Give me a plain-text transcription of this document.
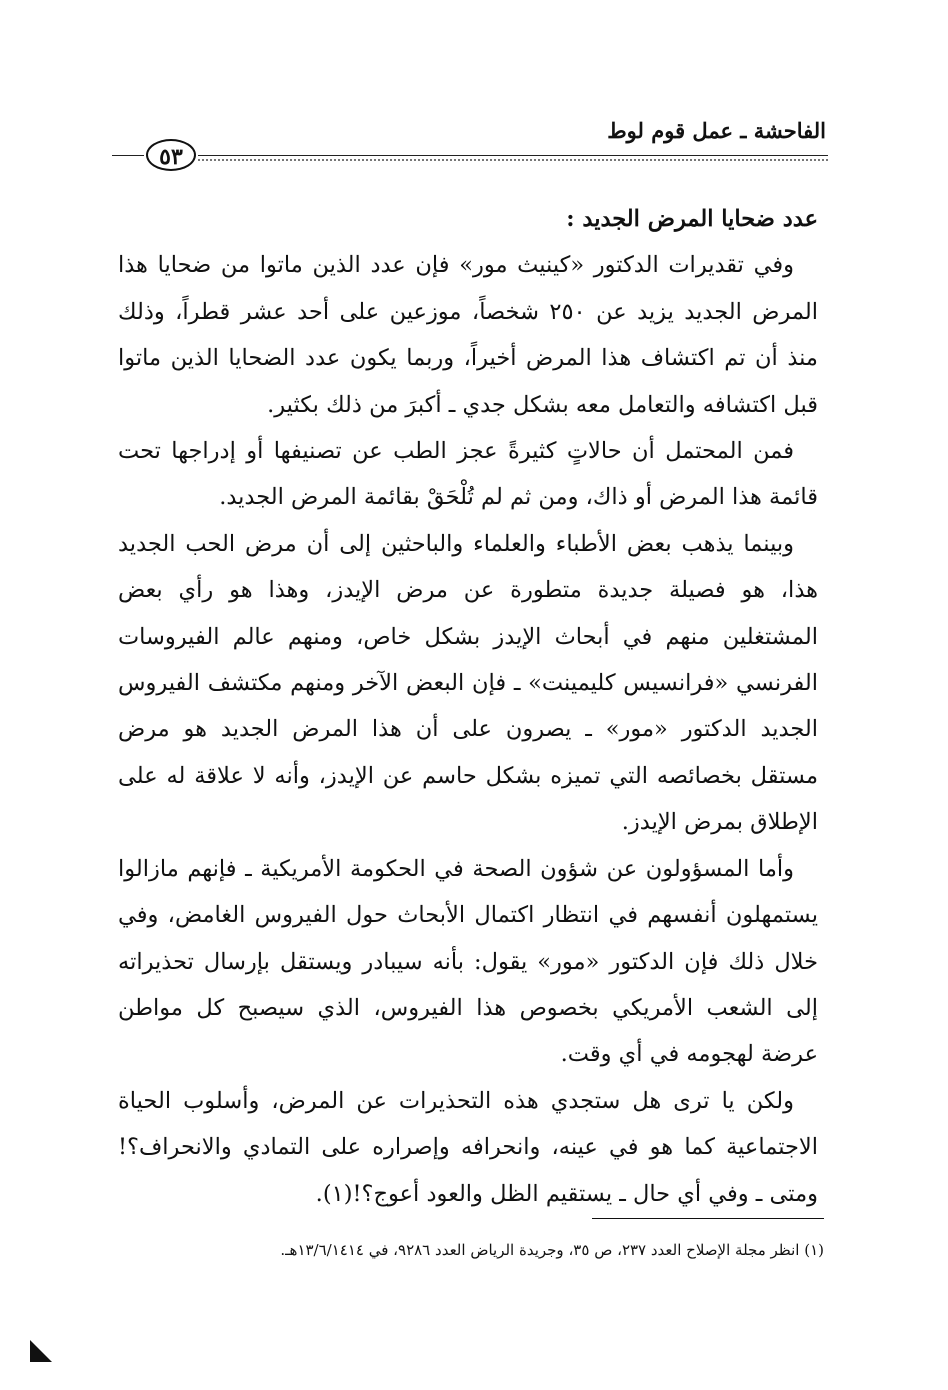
الفاحشة ـ عمل قوم لوط
٥٣

عدد ضحايا المرض الجديد :

وفي تقديرات الدكتور «كينيث مور» فإن عدد الذين ماتوا من ضحايا هذا المرض الجديد يزيد عن ٢٥٠ شخصاً، موزعين على أحد عشر قطراً، وذلك منذ أن تم اكتشاف هذا المرض أخيراً، وربما يكون عدد الضحايا الذين ماتوا قبل اكتشافه والتعامل معه بشكل جدي ـ أكبرَ من ذلك بكثير.

فمن المحتمل أن حالاتٍ كثيرةً عجز الطب عن تصنيفها أو إدراجها تحت قائمة هذا المرض أو ذاك، ومن ثم لم تُلْحَقْ بقائمة المرض الجديد.

وبينما يذهب بعض الأطباء والعلماء والباحثين إلى أن مرض الحب الجديد هذا، هو فصيلة جديدة متطورة عن مرض الإيدز، وهذا هو رأي بعض المشتغلين منهم في أبحاث الإيدز بشكل خاص، ومنهم عالم الفيروسات الفرنسي «فرانسيس كليمينت» ـ فإن البعض الآخر ومنهم مكتشف الفيروس الجديد الدكتور «مور» ـ يصرون على أن هذا المرض الجديد هو مرض مستقل بخصائصه التي تميزه بشكل حاسم عن الإيدز، وأنه لا علاقة له على الإطلاق بمرض الإيدز.

وأما المسؤولون عن شؤون الصحة في الحكومة الأمريكية ـ فإنهم مازالوا يستمهلون أنفسهم في انتظار اكتمال الأبحاث حول الفيروس الغامض، وفي خلال ذلك فإن الدكتور «مور» يقول: بأنه سيبادر ويستقل بإرسال تحذيراته إلى الشعب الأمريكي بخصوص هذا الفيروس، الذي سيصبح كل مواطن عرضة لهجومه في أي وقت.

ولكن يا ترى هل ستجدي هذه التحذيرات عن المرض، وأسلوب الحياة الاجتماعية كما هو في عينه، وانحرافه وإصراره على التمادي والانحراف؟! ومتى ـ وفي أي حال ـ يستقيم الظل والعود أعوج؟!(١).

(١) انظر مجلة الإصلاح العدد ٢٣٧، ص ٣٥، وجريدة الرياض العدد ٩٢٨٦، في ١٣/٦/١٤١٤هـ.
